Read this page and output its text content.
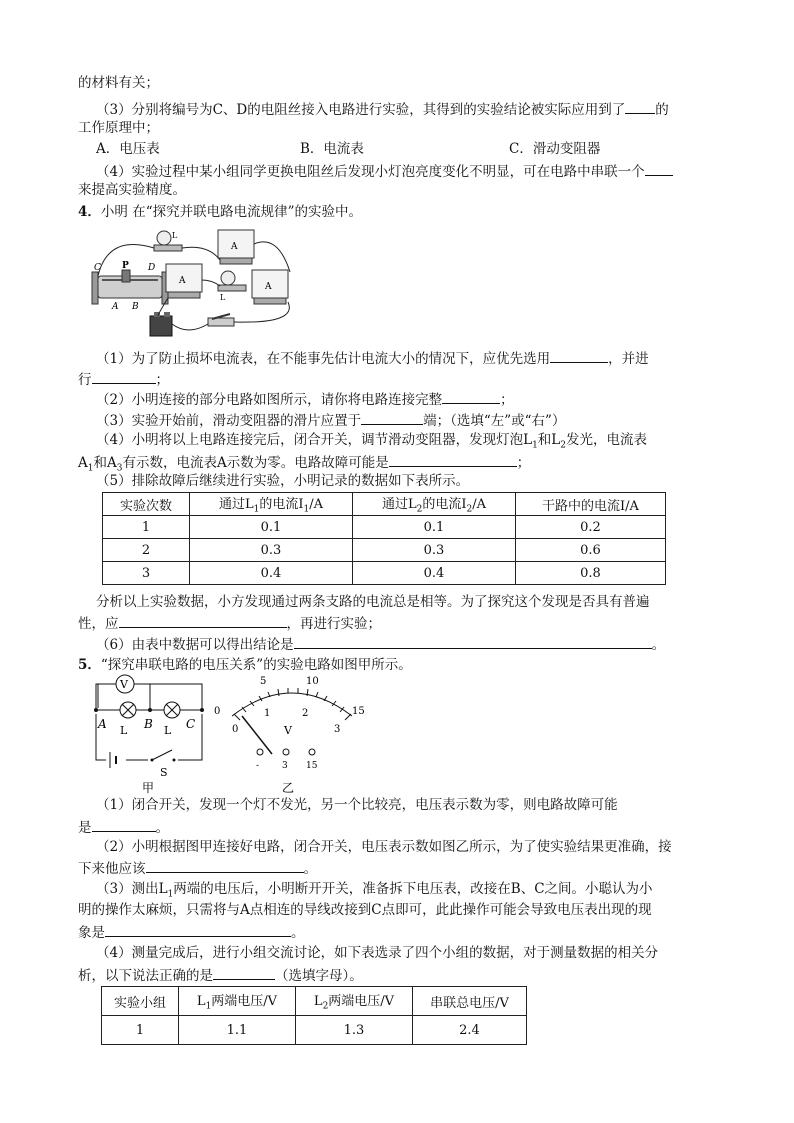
的材料有关；
（3）分别将编号为C、D的电阻丝接入电路进行实验，其得到的实验结论被实际应用到了 的
工作原理中；
A．电压表	B．电流表	C．滑动变阻器
（4）实验过程中某小组同学更换电阻丝后发现小灯泡亮度变化不明显，可在电路中串联一个
来提高实验精度。
4．小明 在“探究并联电路电流规律”的实验中。
C P D
A B
L
L
A
A
A
（1）为了防止损坏电流表，在不能事先估计电流大小的情况下，应优先选用	，并进
行	；
（2）小明连接的部分电路如图所示，请你将电路连接完整	；
（3）实验开始前，滑动变阻器的滑片应置于	端；（选填“左”或“右”）
（4）小明将以上电路连接完后，闭合开关，调节滑动变阻器，发现灯泡$L_1$和$L_2$发光，电流表
$A_1$和$A_3$有示数，电流表A示数为零。电路故障可能是	；
（5）排除故障后继续进行实验，小明记录的数据如下表所示。
实验次数	通过$L_1$的电流$I_1/A$	通过$L_2$的电流$I_2/A$	干路中的电流I/A
1	0.1	0.1	0.2
2	0.3	0.3	0.6
3	0.4	0.4	0.8
分析以上实验数据，小方发现通过两条支路的电流总是相等。为了探究这个发现是否具有普遍
性，应	，再进行实验；
（6）由表中数据可以得出结论是	。
5．“探究串联电路的电压关系”的实验电路如图甲所示。
V
A	B	C
L	L
S
甲
0
5	10
15
0
1	2
3
V
-	3 15
乙
（1）闭合开关，发现一个灯不发光，另一个比较亮，电压表示数为零，则电路故障可能
是	。
（2）小明根据图甲连接好电路，闭合开关，电压表示数如图乙所示，为了使实验结果更准确，接
下来他应该	。
（3）测出$L_1$两端的电压后，小明断开开关，准备拆下电压表，改接在B、C之间。小聪认为小
明的操作太麻烦，只需将与A点相连的导线改接到C点即可，此此操作可能会导致电压表出现的现
象是	。
（4）测量完成后，进行小组交流讨论，如下表选录了四个小组的数据，对于测量数据的相关分
析，以下说法正确的是	（选填字母）。
实验小组	$L_1$两端电压/V	$L_2$两端电压/V	串联总电压/V
1	1.1	1.3	2.4
